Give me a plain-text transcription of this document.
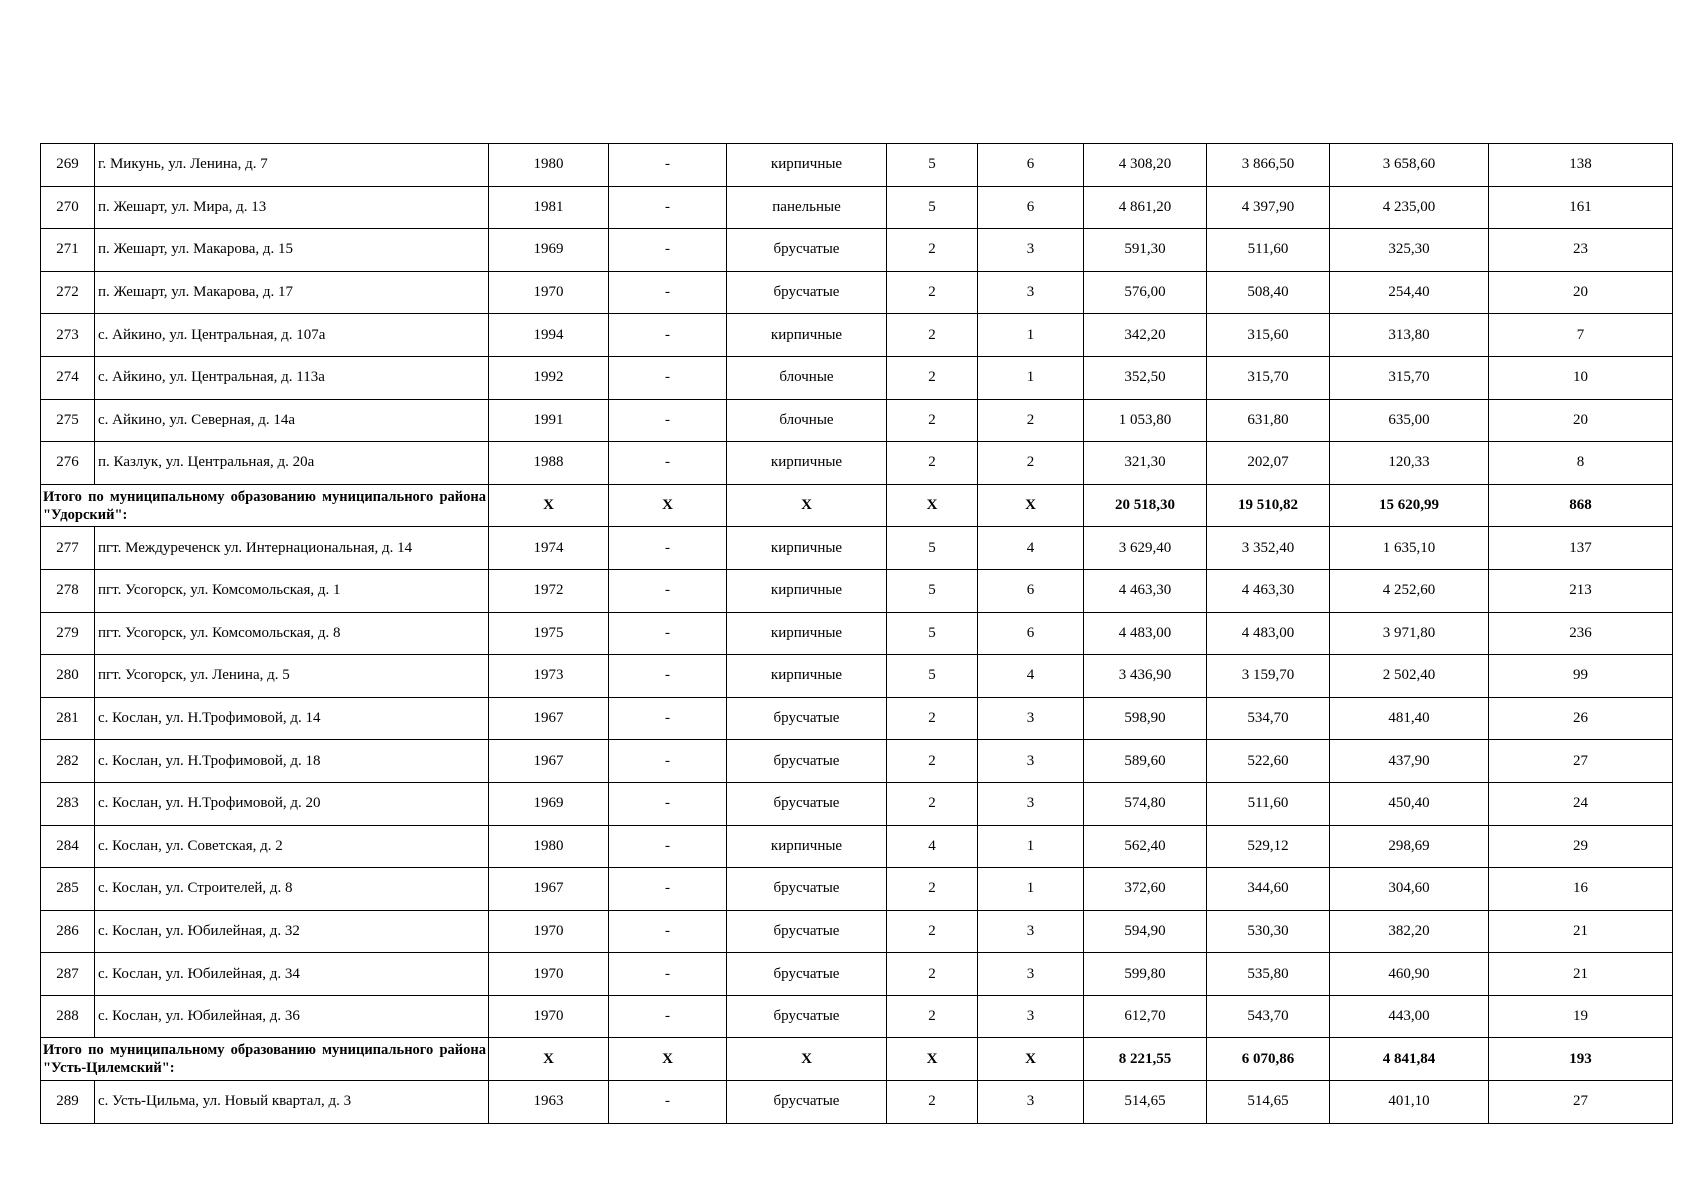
269	г. Микунь, ул. Ленина, д. 7	1980	-	кирпичные	5	6	4 308,20	3 866,50	3 658,60	138
270	п. Жешарт, ул. Мира, д. 13	1981	-	панельные	5	6	4 861,20	4 397,90	4 235,00	161
271	п. Жешарт, ул. Макарова, д. 15	1969	-	брусчатые	2	3	591,30	511,60	325,30	23
272	п. Жешарт, ул. Макарова, д. 17	1970	-	брусчатые	2	3	576,00	508,40	254,40	20
273	с. Айкино, ул. Центральная, д. 107а	1994	-	кирпичные	2	1	342,20	315,60	313,80	7
274	с. Айкино, ул. Центральная, д. 113а	1992	-	блочные	2	1	352,50	315,70	315,70	10
275	с. Айкино, ул. Северная, д. 14а	1991	-	блочные	2	2	1 053,80	631,80	635,00	20
276	п. Казлук, ул. Центральная, д. 20а	1988	-	кирпичные	2	2	321,30	202,07	120,33	8
Итого по муниципальному образованию муниципального района "Удорский":		X	X	X	X	X	20 518,30	19 510,82	15 620,99	868
277	пгт. Междуреченск ул. Интернациональная, д. 14	1974	-	кирпичные	5	4	3 629,40	3 352,40	1 635,10	137
278	пгт. Усогорск, ул. Комсомольская, д. 1	1972	-	кирпичные	5	6	4 463,30	4 463,30	4 252,60	213
279	пгт. Усогорск, ул. Комсомольская, д. 8	1975	-	кирпичные	5	6	4 483,00	4 483,00	3 971,80	236
280	пгт. Усогорск, ул. Ленина, д. 5	1973	-	кирпичные	5	4	3 436,90	3 159,70	2 502,40	99
281	с. Кослан, ул. Н.Трофимовой, д. 14	1967	-	брусчатые	2	3	598,90	534,70	481,40	26
282	с. Кослан, ул. Н.Трофимовой, д. 18	1967	-	брусчатые	2	3	589,60	522,60	437,90	27
283	с. Кослан, ул. Н.Трофимовой, д. 20	1969	-	брусчатые	2	3	574,80	511,60	450,40	24
284	с. Кослан, ул. Советская, д. 2	1980	-	кирпичные	4	1	562,40	529,12	298,69	29
285	с. Кослан, ул. Строителей, д. 8	1967	-	брусчатые	2	1	372,60	344,60	304,60	16
286	с. Кослан, ул. Юбилейная, д. 32	1970	-	брусчатые	2	3	594,90	530,30	382,20	21
287	с. Кослан, ул. Юбилейная, д. 34	1970	-	брусчатые	2	3	599,80	535,80	460,90	21
288	с. Кослан, ул. Юбилейная, д. 36	1970	-	брусчатые	2	3	612,70	543,70	443,00	19
Итого по муниципальному образованию муниципального района "Усть-Цилемский":		X	X	X	X	X	8 221,55	6 070,86	4 841,84	193
289	с. Усть-Цильма, ул. Новый квартал, д. 3	1963	-	брусчатые	2	3	514,65	514,65	401,10	27
